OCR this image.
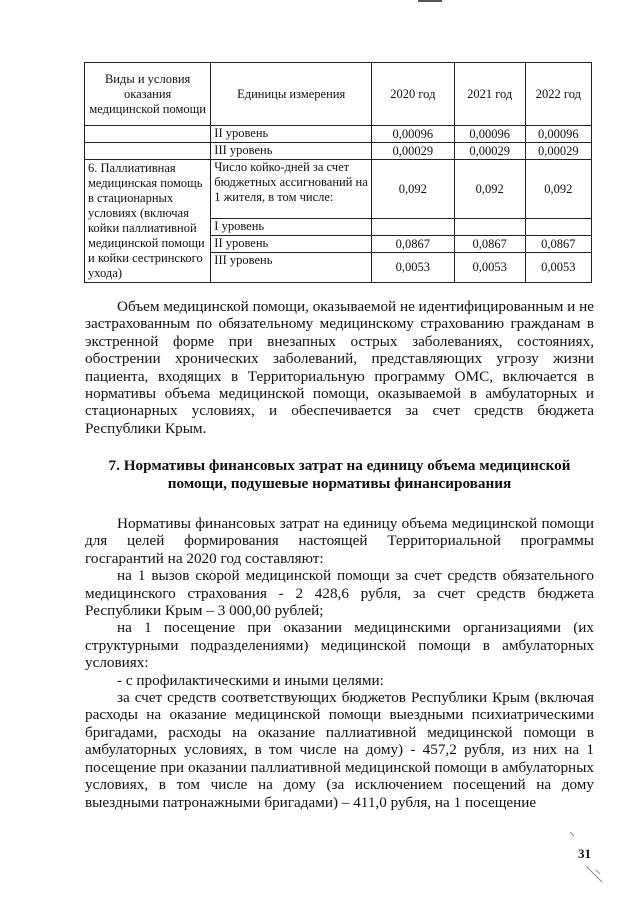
Виды и условия оказания медицинской помощи	Единицы измерения	2020 год	2021 год	2022 год
	II уровень	0,00096	0,00096	0,00096
	III уровень	0,00029	0,00029	0,00029
6. Паллиативная медицинская помощь в стационарных условиях (включая койки паллиативной медицинской помощи и койки сестринского ухода)	Число койко-дней за счет бюджетных ассигнований на 1 жителя, в том числе:	0,092	0,092	0,092
	I уровень			
	II уровень	0,0867	0,0867	0,0867
	III уровень	0,0053	0,0053	0,0053

Объем медицинской помощи, оказываемой не идентифицированным и не застрахованным по обязательному медицинскому страхованию гражданам в экстренной форме при внезапных острых заболеваниях, состояниях, обострении хронических заболеваний, представляющих угрозу жизни пациента, входящих в Территориальную программу ОМС, включается в нормативы объема медицинской помощи, оказываемой в амбулаторных и стационарных условиях, и обеспечивается за счет средств бюджета Республики Крым.

7. Нормативы финансовых затрат на единицу объема медицинской помощи, подушевые нормативы финансирования

Нормативы финансовых затрат на единицу объема медицинской помощи для целей формирования настоящей Территориальной программы госгарантий на 2020 год составляют:

на 1 вызов скорой медицинской помощи за счет средств обязательного медицинского страхования - 2 428,6 рубля, за счет средств бюджета Республики Крым – 3 000,00 рублей;

на 1 посещение при оказании медицинскими организациями (их структурными подразделениями) медицинской помощи в амбулаторных условиях:

- с профилактическими и иными целями:

за счет средств соответствующих бюджетов Республики Крым (включая расходы на оказание медицинской помощи выездными психиатрическими бригадами, расходы на оказание паллиативной медицинской помощи в амбулаторных условиях, в том числе на дому) - 457,2 рубля, из них на 1 посещение при оказании паллиативной медицинской помощи в амбулаторных условиях, в том числе на дому (за исключением посещений на дому выездными патронажными бригадами) – 411,0 рубля, на 1 посещение

31
